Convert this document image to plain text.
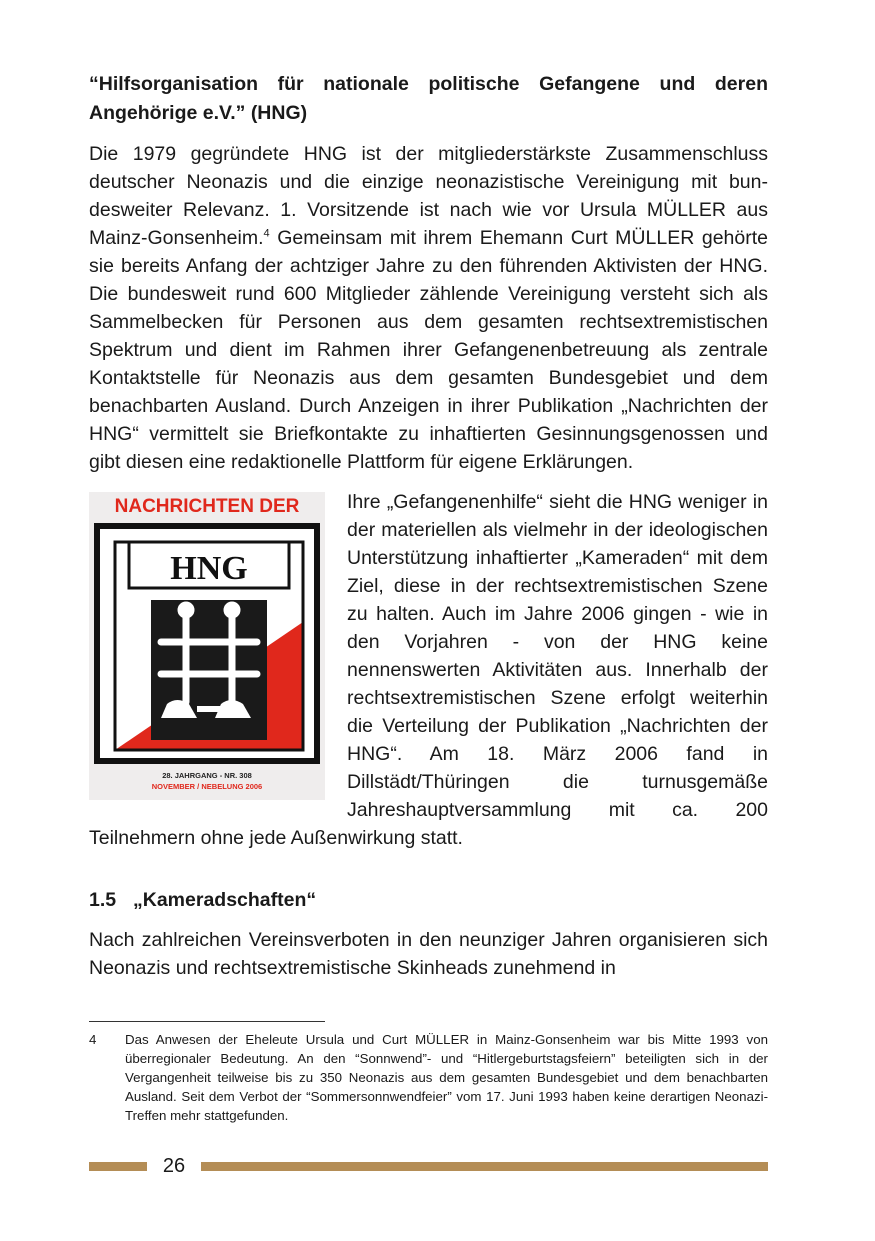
“Hilfsorganisation für nationale politische Gefangene und deren Angehörige e.V.” (HNG)

Die 1979 gegründete HNG ist der mitgliederstärkste Zusammenschluss deutscher Neonazis und die einzige neonazistische Vereinigung mit bundesweiter Relevanz. 1. Vorsitzende ist nach wie vor Ursula MÜLLER aus Mainz-Gonsenheim.$^4$ Gemeinsam mit ihrem Ehemann Curt MÜLLER gehörte sie bereits Anfang der achtziger Jahre zu den führenden Aktivisten der HNG. Die bundesweit rund 600 Mitglieder zählende Vereinigung versteht sich als Sammelbecken für Personen aus dem gesamten rechtsextremistischen Spektrum und dient im Rahmen ihrer Gefangenenbetreuung als zentrale Kontaktstelle für Neonazis aus dem gesamten Bundesgebiet und dem benachbarten Ausland. Durch Anzeigen in ihrer Publikation „Nachrichten der HNG“ vermittelt sie Briefkontakte zu inhaftierten Gesinnungsgenossen und gibt diesen eine redaktionelle Plattform für eigene Erklärungen.

NACHRICHTEN DER
HNG
28. JAHRGANG - NR. 308
NOVEMBER / NEBELUNG 2006
Ihre „Gefangenenhilfe“ sieht die HNG weniger in der materiellen als vielmehr in der ideologischen Unterstützung inhaftierter „Kameraden“ mit dem Ziel, diese in der rechtsextremistischen Szene zu halten. Auch im Jahre 2006 gingen - wie in den Vorjahren - von der HNG keine nennenswerten Aktivitäten aus. Innerhalb der rechtsextremistischen Szene erfolgt weiterhin die Verteilung der Publikation „Nachrichten der HNG“. Am 18. März 2006 fand in Dillstädt/Thüringen die turnusgemäße Jahreshauptversammlung mit ca. 200 Teilnehmern ohne jede Außenwirkung statt.

1.5 „Kameradschaften“

Nach zahlreichen Vereinsverboten in den neunziger Jahren organisieren sich Neonazis und rechtsextremistische Skinheads zunehmend in

4	Das Anwesen der Eheleute Ursula und Curt MÜLLER in Mainz-Gonsenheim war bis Mitte 1993 von überregionaler Bedeutung. An den “Sonnwend”- und “Hitlergeburtstagsfeiern” beteiligten sich in der Vergangenheit teilweise bis zu 350 Neonazis aus dem gesamten Bundesgebiet und dem benachbarten Ausland. Seit dem Verbot der “Sommersonnwendfeier” vom 17. Juni 1993 haben keine derartigen Neonazi-Treffen mehr stattgefunden.
26
